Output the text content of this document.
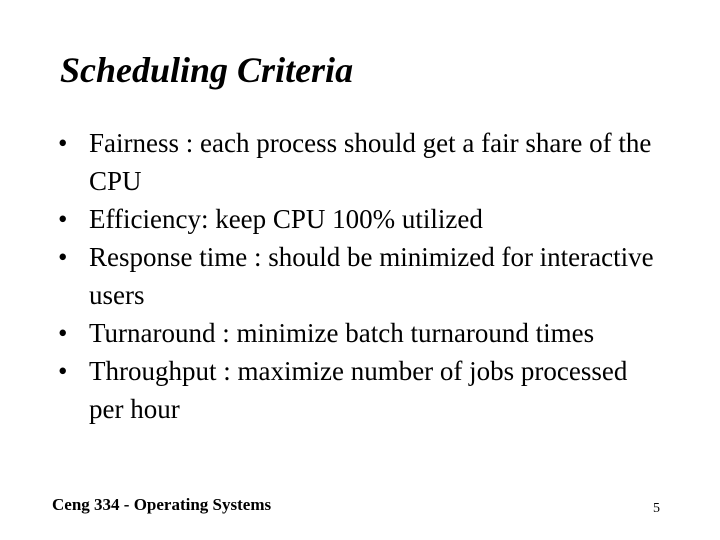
Scheduling Criteria
• Fairness : each process should get a fair share of the CPU
• Efficiency: keep CPU 100% utilized
• Response time : should be minimized for interactive users
• Turnaround : minimize batch turnaround times
• Throughput : maximize number of jobs processed per hour
Ceng 334 - Operating Systems	5
